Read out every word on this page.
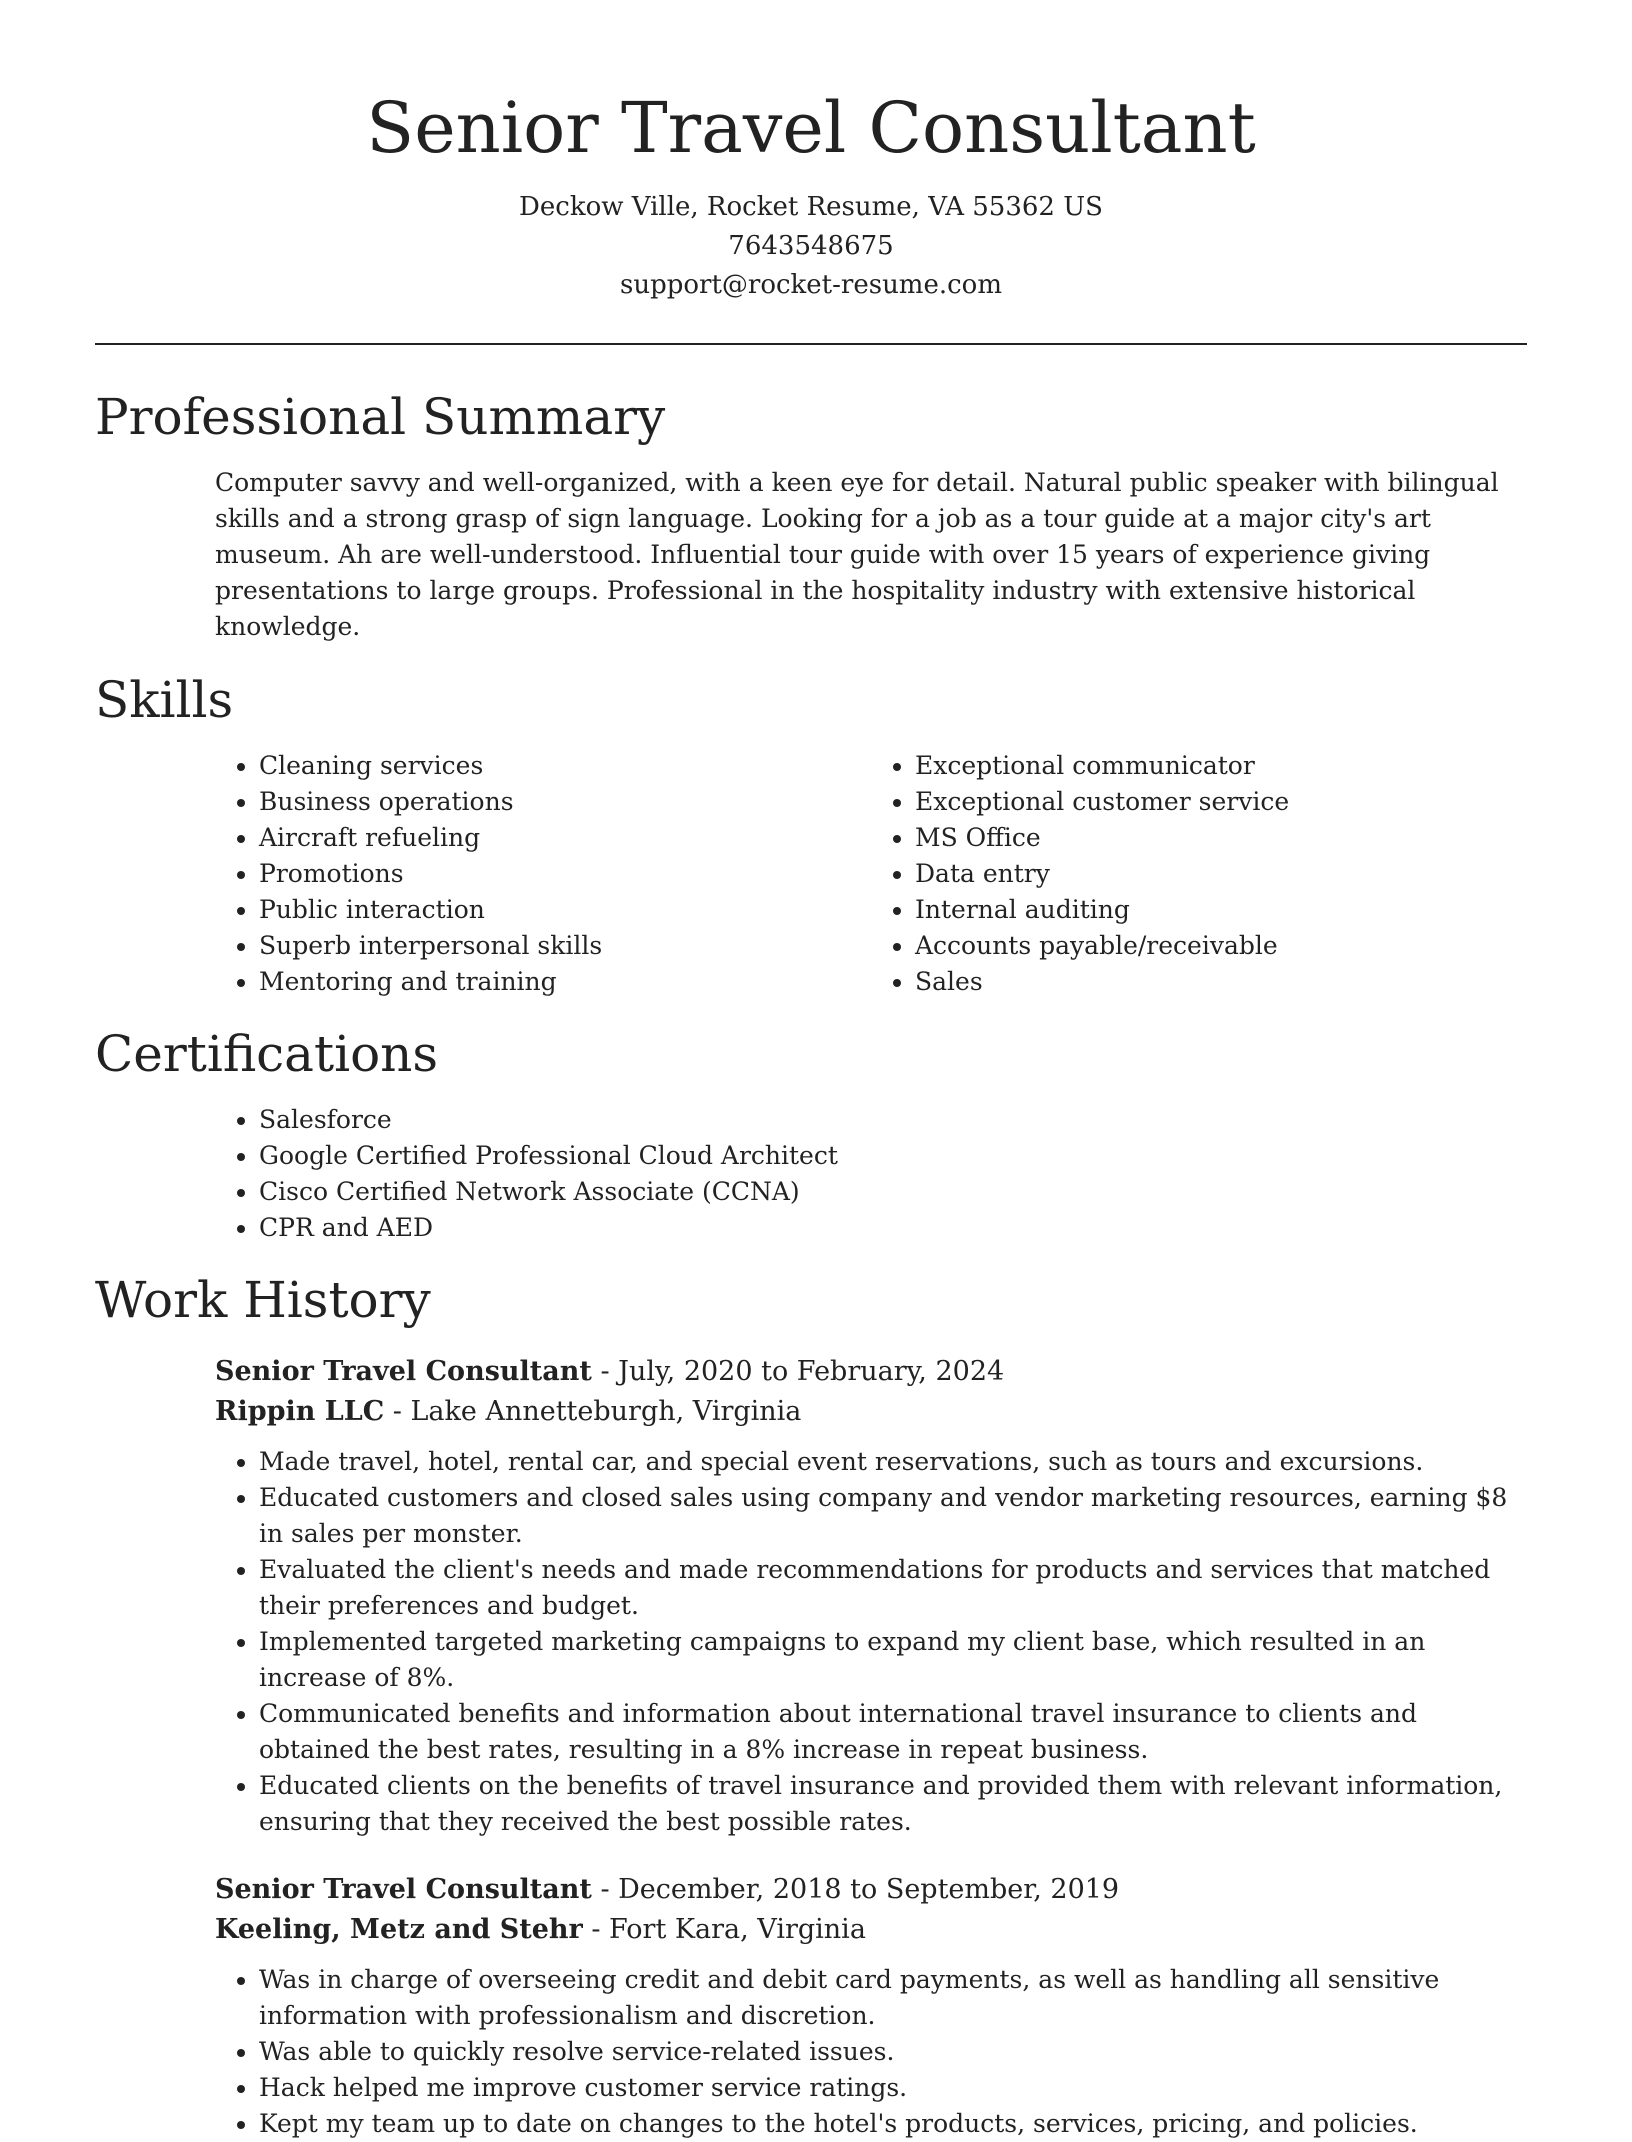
Senior Travel Consultant
Deckow Ville, Rocket Resume, VA 55362 US
7643548675
support@rocket-resume.com
Professional Summary

Computer savvy and well-organized, with a keen eye for detail. Natural public speaker with bilingual skills and a strong grasp of sign language. Looking for a job as a tour guide at a major city's art museum. Ah are well-understood. Influential tour guide with over 15 years of experience giving presentations to large groups. Professional in the hospitality industry with extensive historical knowledge.

Skills
• Cleaning services
• Business operations
• Aircraft refueling
• Promotions
• Public interaction
• Superb interpersonal skills
• Mentoring and training
• Exceptional communicator
• Exceptional customer service
• MS Office
• Data entry
• Internal auditing
• Accounts payable/receivable
• Sales
Certifications
• Salesforce
• Google Certified Professional Cloud Architect
• Cisco Certified Network Associate (CCNA)
• CPR and AED
Work History
Senior Travel Consultant - July, 2020 to February, 2024
Rippin LLC - Lake Annetteburgh, Virginia
• Made travel, hotel, rental car, and special event reservations, such as tours and excursions.
• Educated customers and closed sales using company and vendor marketing resources, earning $8 in sales per monster.
• Evaluated the client's needs and made recommendations for products and services that matched their preferences and budget.
• Implemented targeted marketing campaigns to expand my client base, which resulted in an increase of 8%.
• Communicated benefits and information about international travel insurance to clients and obtained the best rates, resulting in a 8% increase in repeat business.
• Educated clients on the benefits of travel insurance and provided them with relevant information, ensuring that they received the best possible rates.
Senior Travel Consultant - December, 2018 to September, 2019
Keeling, Metz and Stehr - Fort Kara, Virginia
• Was in charge of overseeing credit and debit card payments, as well as handling all sensitive information with professionalism and discretion.
• Was able to quickly resolve service-related issues.
• Hack helped me improve customer service ratings.
• Kept my team up to date on changes to the hotel's products, services, pricing, and policies.
